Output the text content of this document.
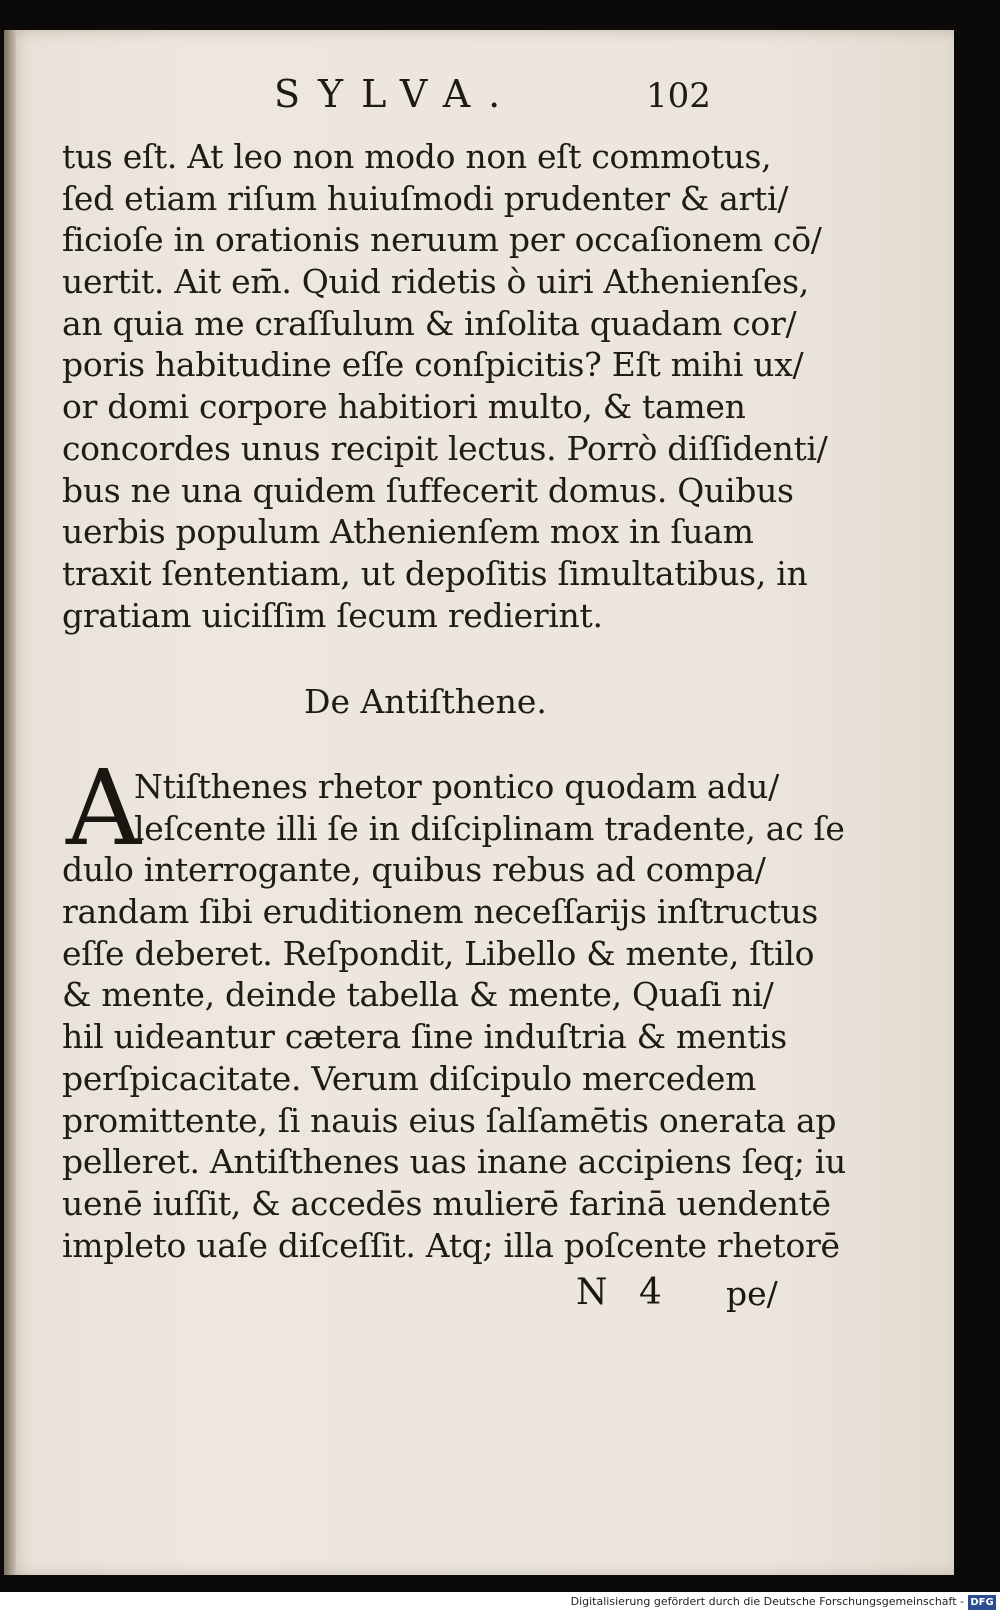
SYLVA.	102
tus eſt. At leo non modo non eſt commotus,
ſed etiam riſum huiuſmodi prudenter & arti/
ficioſe in orationis neruum per occaſionem cō/
uertit. Ait em̄. Quid ridetis ò uiri Athenienſes,
an quia me craſſulum & inſolita quadam cor/
poris habitudine eſſe conſpicitis? Eſt mihi ux/
or domi corpore habitiori multo, & tamen
concordes unus recipit lectus. Porrò diſſidenti/
bus ne una quidem ſuffecerit domus. Quibus
uerbis populum Athenienſem mox in ſuam
traxit ſententiam, ut depoſitis ſimultatibus, in
gratiam uiciſſim ſecum redierint.
De Antiſthene.
A
Ntiſthenes rhetor pontico quodam adu/
leſcente illi ſe in diſciplinam tradente, ac ſe
dulo interrogante, quibus rebus ad compa/
randam ſibi eruditionem neceſſarijs inſtructus
eſſe deberet. Reſpondit, Libello & mente, ſtilo
& mente, deinde tabella & mente, Quaſi ni/
hil uideantur cætera ſine induſtria & mentis
perſpicacitate. Verum diſcipulo mercedem
promittente, ſi nauis eius ſalſamētis onerata ap
pelleret. Antiſthenes uas inane accipiens ſeq; iu
uenē iuſſit, & accedēs mulierē farinā uendentē
impleto uaſe diſceſſit. Atq; illa poſcente rhetorē
N 4 pe/
Digitalisierung gefördert durch die Deutsche Forschungsgemeinschaft - DFG
